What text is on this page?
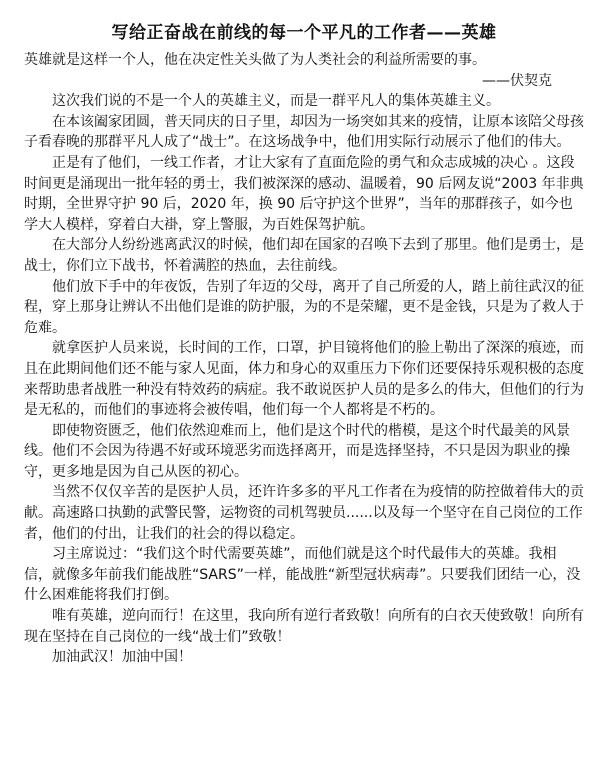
写给正奋战在前线的每一个平凡的工作者——英雄

英雄就是这样一个人，他在决定性关头做了为人类社会的利益所需要的事。

——伏契克

这次我们说的不是一个人的英雄主义，而是一群平凡人的集体英雄主义。

在本该阖家团圆，普天同庆的日子里，却因为一场突如其来的疫情，让原本该陪父母孩子看春晚的那群平凡人成了“战士”。在这场战争中，他们用实际行动展示了他们的伟大。

正是有了他们，一线工作者，才让大家有了直面危险的勇气和众志成城的决心 。这段时间更是涌现出一批年轻的勇士，我们被深深的感动、温暖着，90 后网友说“2003 年非典时期，全世界守护 90 后，2020 年，换 90 后守护这个世界”，当年的那群孩子，如今也学大人模样，穿着白大褂，穿上警服，为百姓保驾护航。

在大部分人纷纷逃离武汉的时候，他们却在国家的召唤下去到了那里。他们是勇士，是战士，你们立下战书，怀着满腔的热血，去往前线。

他们放下手中的年夜饭，告别了年迈的父母，离开了自己所爱的人，踏上前往武汉的征程，穿上那身让辨认不出他们是谁的防护服，为的不是荣耀，更不是金钱，只是为了救人于危难。

就拿医护人员来说，长时间的工作，口罩，护目镜将他们的脸上勒出了深深的痕迹，而且在此期间他们还不能与家人见面，体力和身心的双重压力下你们还要保持乐观积极的态度来帮助患者战胜一种没有特效药的病症。我不敢说医护人员的是多么的伟大，但他们的行为是无私的，而他们的事迹将会被传唱，他们每一个人都将是不朽的。

即使物资匮乏，他们依然迎难而上，他们是这个时代的楷模，是这个时代最美的风景线。他们不会因为待遇不好或环境恶劣而选择离开，而是选择坚持，不只是因为职业的操守，更多地是因为自己从医的初心。

当然不仅仅辛苦的是医护人员，还许许多多的平凡工作者在为疫情的防控做着伟大的贡献。高速路口执勤的武警民警，运物资的司机驾驶员......以及每一个坚守在自己岗位的工作者，他们的付出，让我们的社会的得以稳定。

习主席说过：“我们这个时代需要英雄”，而他们就是这个时代最伟大的英雄。我相信，就像多年前我们能战胜“SARS”一样，能战胜“新型冠状病毒”。只要我们团结一心，没什么困难能将我们打倒。

唯有英雄，逆向而行！在这里，我向所有逆行者致敬！向所有的白衣天使致敬！向所有现在坚持在自己岗位的一线“战士们”致敬！

加油武汉！加油中国！
